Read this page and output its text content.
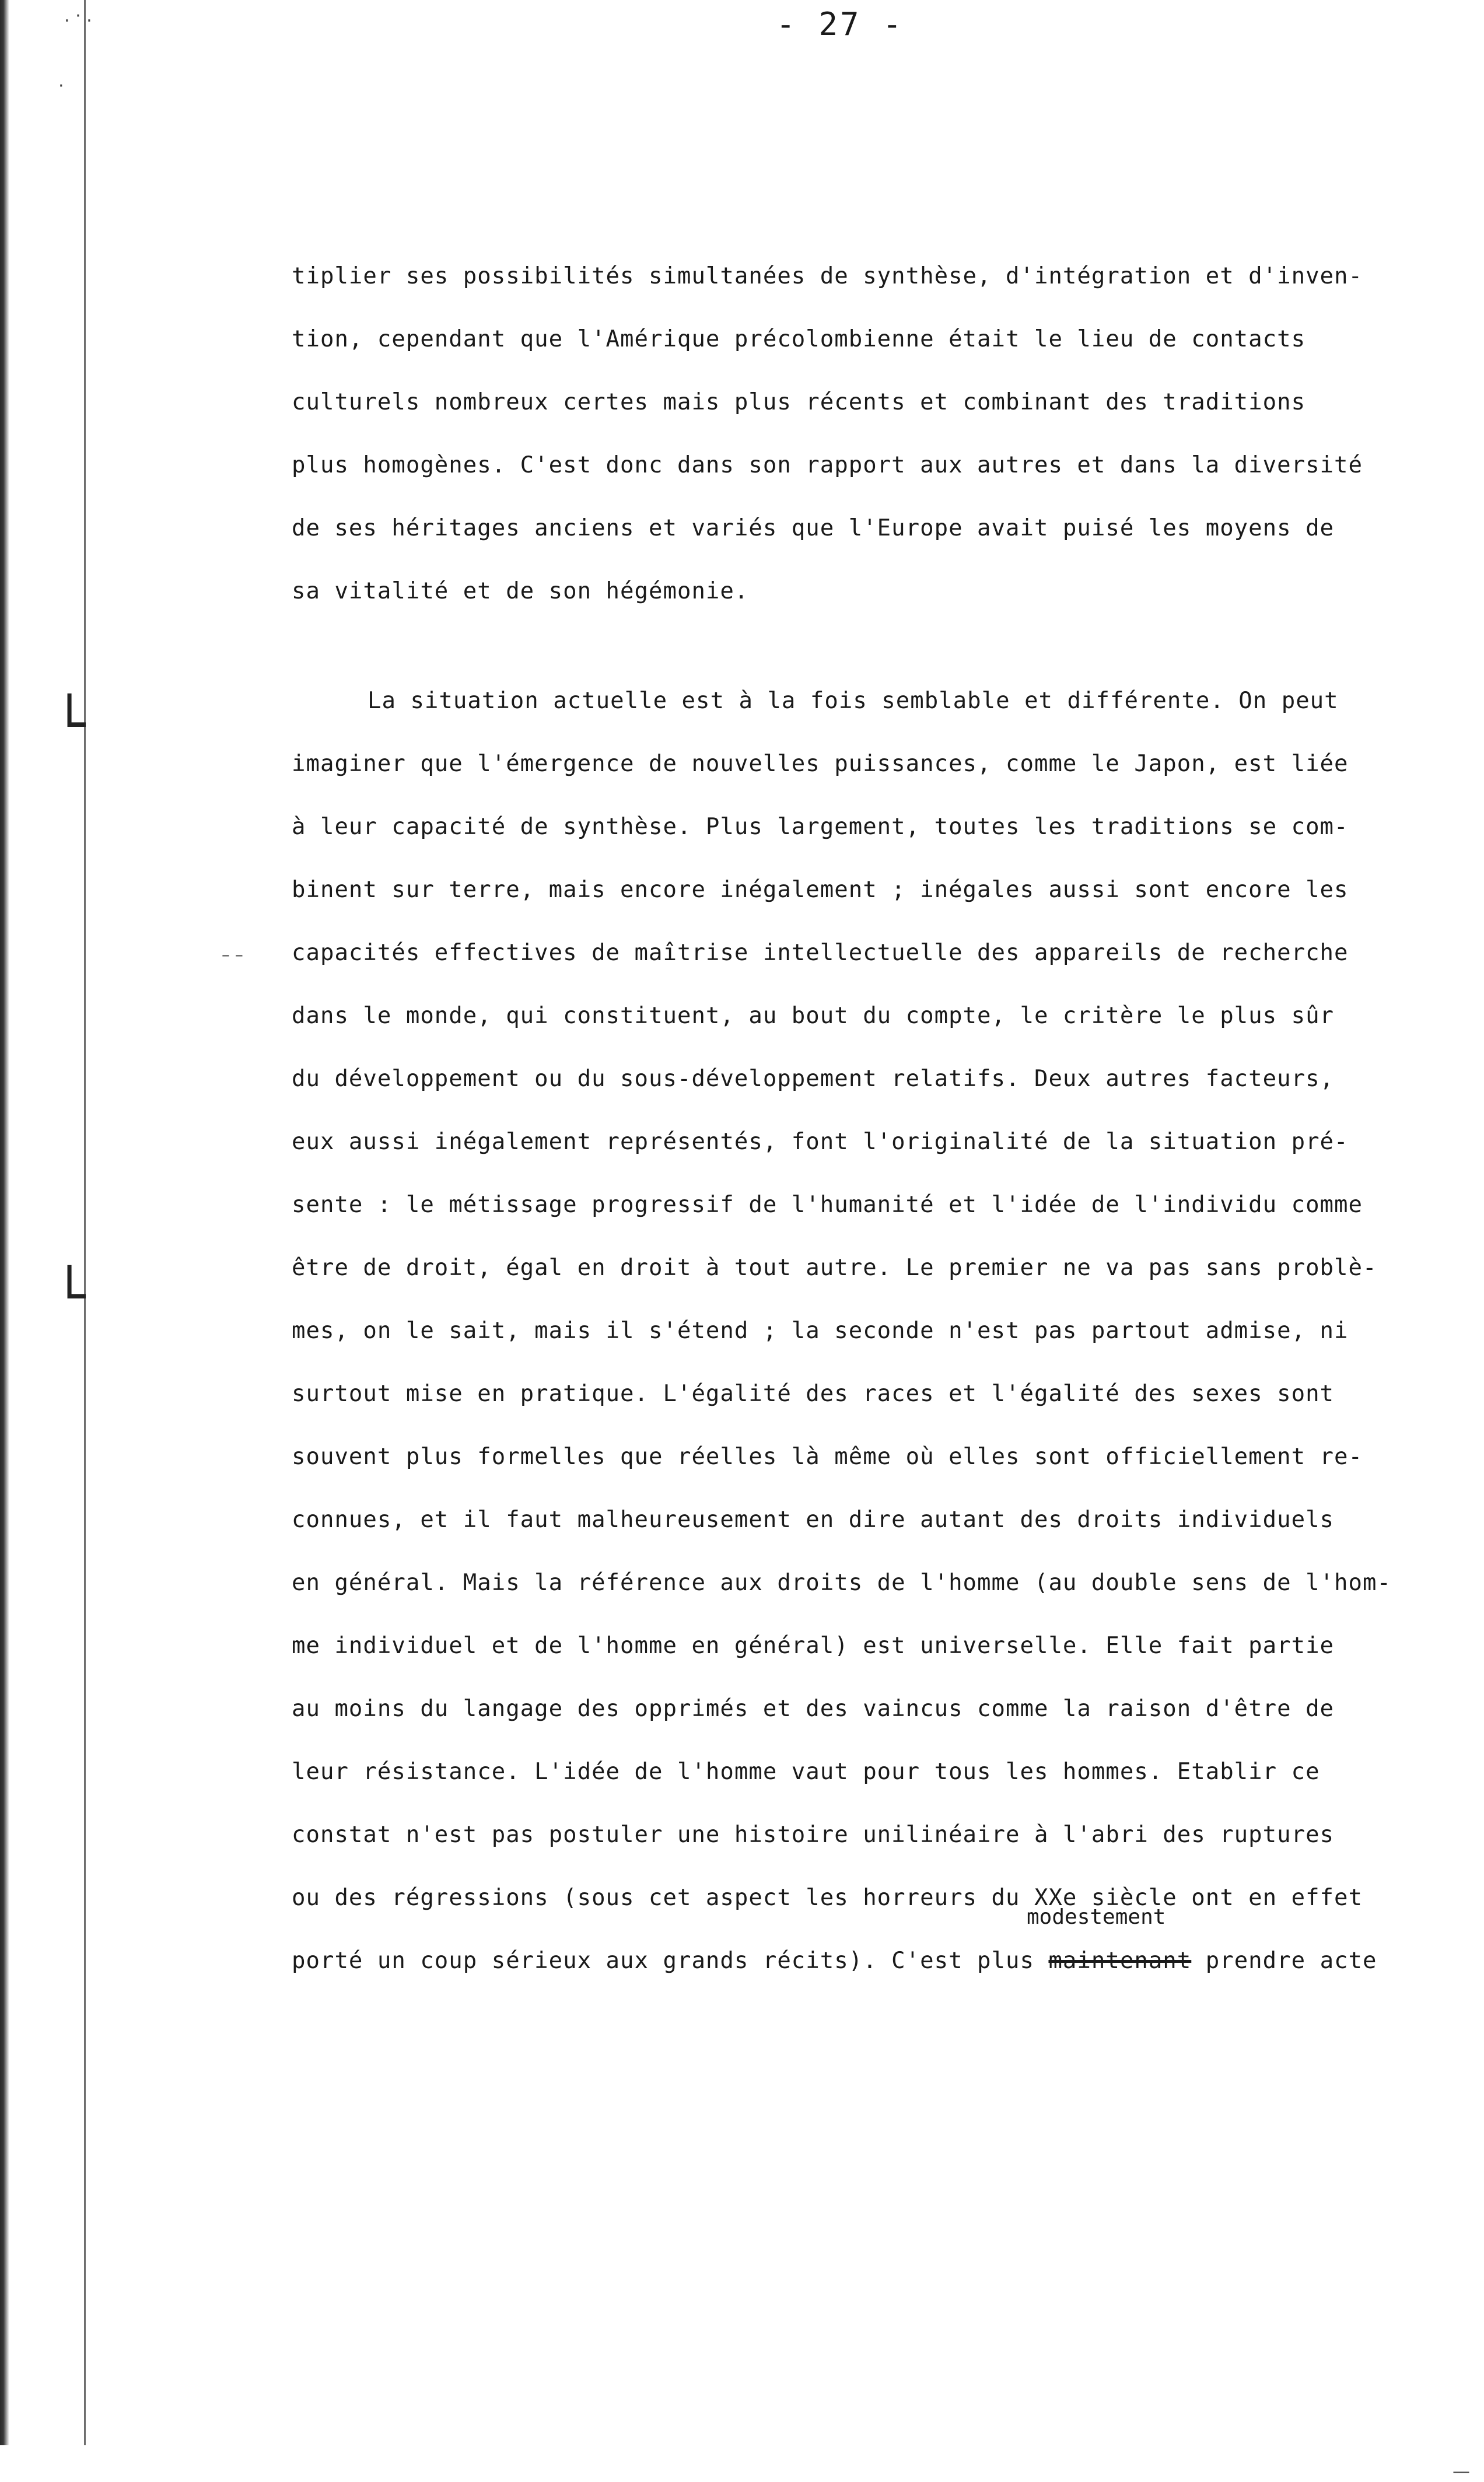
└
└
. · .
·
– –
—
- 27 -
tiplier ses possibilités simultanées de synthèse, d'intégration et d'inven-
tion, cependant que l'Amérique précolombienne était le lieu de contacts
culturels nombreux certes mais plus récents et combinant des traditions
plus homogènes. C'est donc dans son rapport aux autres et dans la diversité
de ses héritages anciens et variés que l'Europe avait puisé les moyens de
sa vitalité et de son hégémonie.
La situation actuelle est à la fois semblable et différente. On peut
imaginer que l'émergence de nouvelles puissances, comme le Japon, est liée
à leur capacité de synthèse. Plus largement, toutes les traditions se com-
binent sur terre, mais encore inégalement ; inégales aussi sont encore les
capacités effectives de maîtrise intellectuelle des appareils de recherche
dans le monde, qui constituent, au bout du compte, le critère le plus sûr
du développement ou du sous-développement relatifs. Deux autres facteurs,
eux aussi inégalement représentés, font l'originalité de la situation pré-
sente : le métissage progressif de l'humanité et l'idée de l'individu comme
être de droit, égal en droit à tout autre. Le premier ne va pas sans problè-
mes, on le sait, mais il s'étend ; la seconde n'est pas partout admise, ni
surtout mise en pratique. L'égalité des races et l'égalité des sexes sont
souvent plus formelles que réelles là même où elles sont officiellement re-
connues, et il faut malheureusement en dire autant des droits individuels
en général. Mais la référence aux droits de l'homme (au double sens de l'hom-
me individuel et de l'homme en général) est universelle. Elle fait partie
au moins du langage des opprimés et des vaincus comme la raison d'être de
leur résistance. L'idée de l'homme vaut pour tous les hommes. Etablir ce
constat n'est pas postuler une histoire unilinéaire à l'abri des ruptures
ou des régressions (sous cet aspect les horreurs du XXe siècle ont en effet
modestement
porté un coup sérieux aux grands récits). C'est plus maintenant prendre acte
